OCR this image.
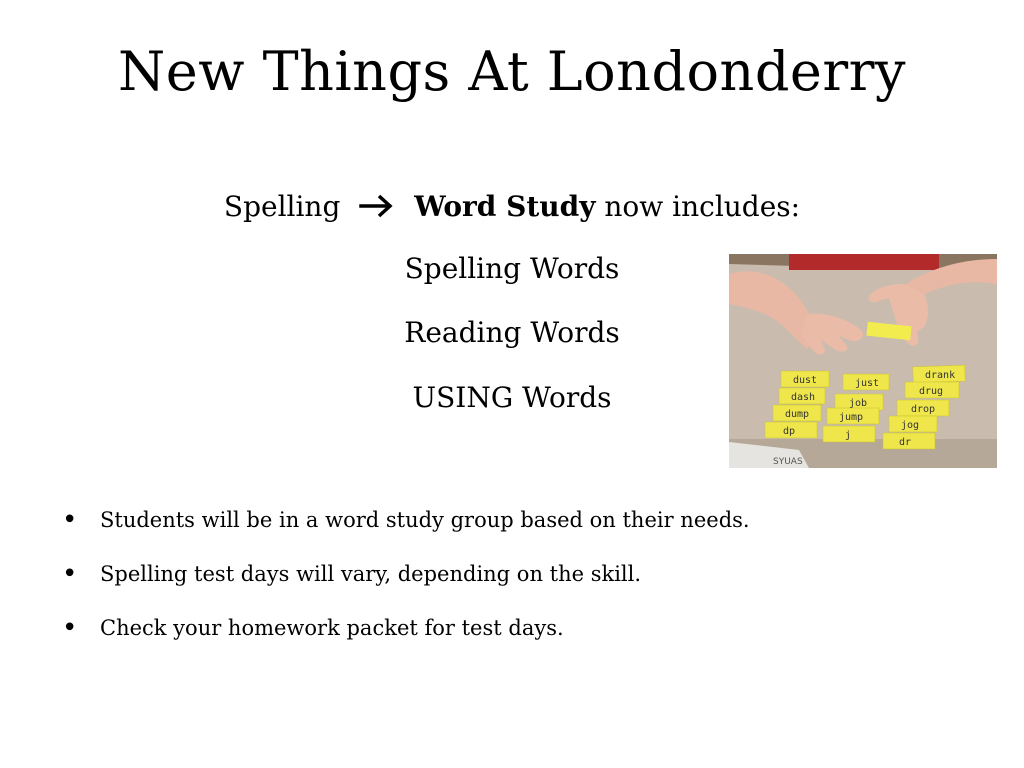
New Things At Londonderry
Spelling	Word Study now includes:
Spelling Words
Reading Words
USING Words
drank
just
dust
drug
job
dash
drop
jump
dump
jog
dr
dp	j
SYUAS
• Students will be in a word study group based on their needs.
• Spelling test days will vary, depending on the skill.
• Check your homework packet for test days.
